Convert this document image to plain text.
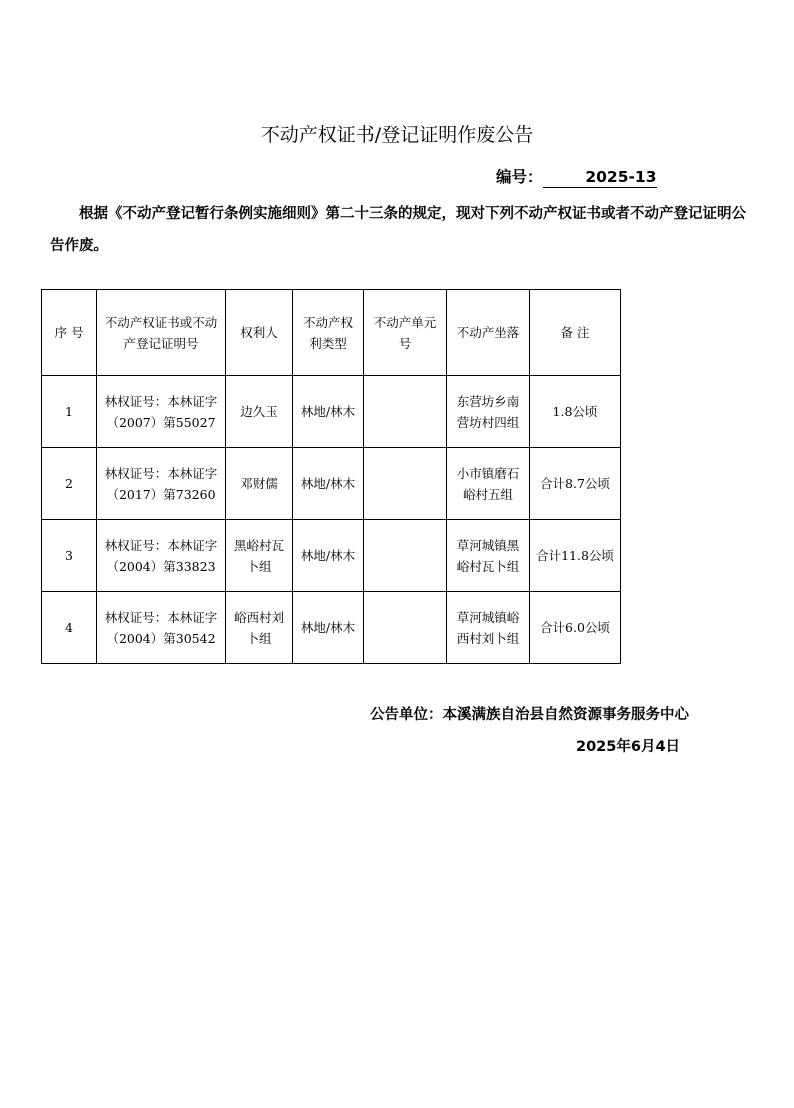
不动产权证书/登记证明作废公告
编号：	2025-13
根据《不动产登记暂行条例实施细则》第二十三条的规定，现对下列不动产权证书或者不动产登记证明公告作废。
序 号	不动产权证书或不动产登记证明号	权利人	不动产权利类型	不动产单元号	不动产坐落	备 注
1	林权证号：本林证字（2007）第55027	边久玉	林地/林木		东营坊乡南营坊村四组	1.8公顷
2	林权证号：本林证字（2017）第73260	邓财儒	林地/林木		小市镇磨石峪村五组	合计8.7公顷
3	林权证号：本林证字（2004）第33823	黑峪村瓦卜组	林地/林木		草河城镇黑峪村瓦卜组	合计11.8公顷
4	林权证号：本林证字（2004）第30542	峪西村刘卜组	林地/林木		草河城镇峪西村刘卜组	合计6.0公顷
公告单位：本溪满族自治县自然资源事务服务中心
2025年6月4日
